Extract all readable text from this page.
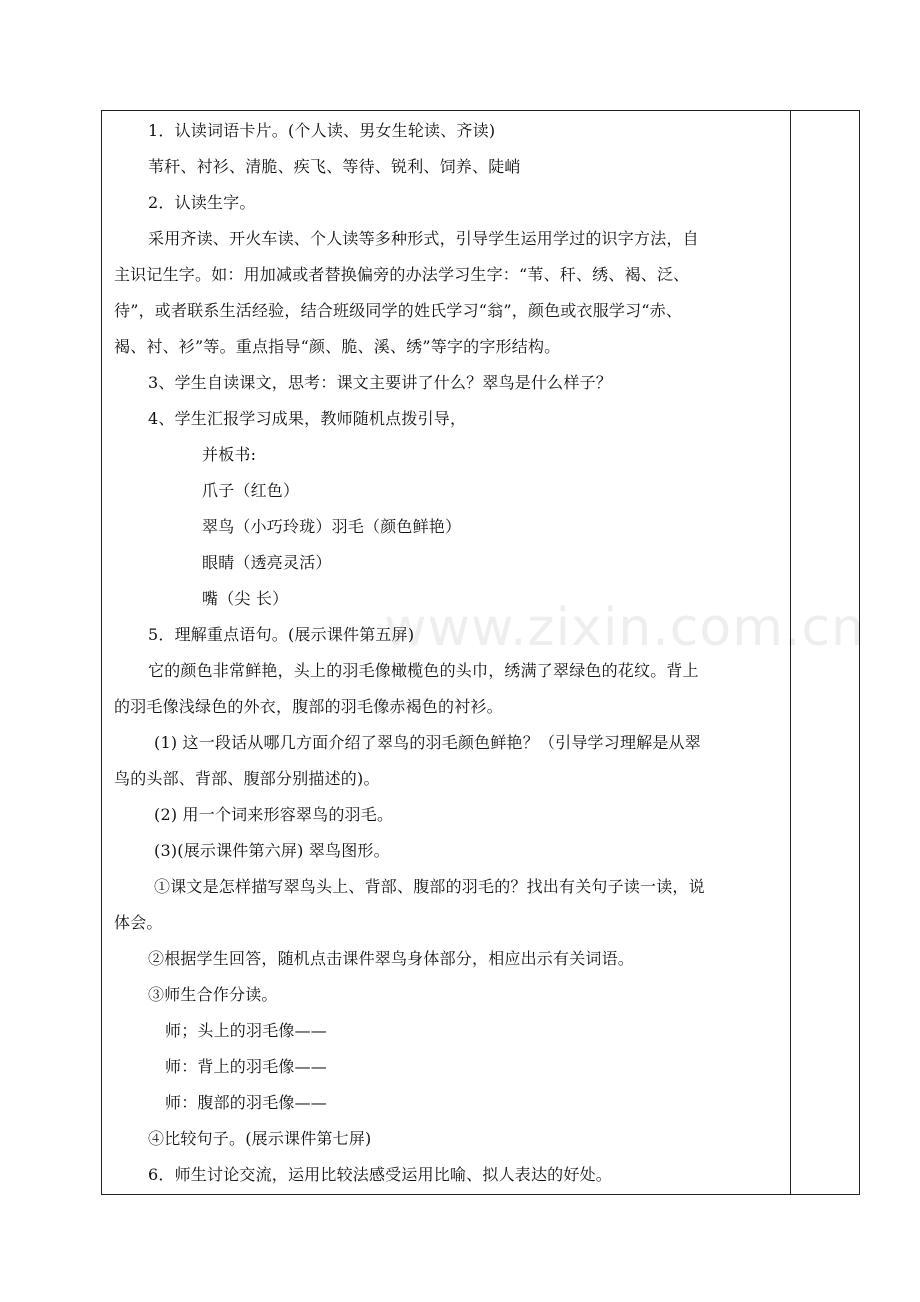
www.zixin.com.cn
1．认读词语卡片。(个人读、男女生轮读、齐读)
苇秆、衬衫、清脆、疾飞、等待、锐利、饲养、陡峭
2．认读生字。
采用齐读、开火车读、个人读等多种形式，引导学生运用学过的识字方法，自
主识记生字。如：用加减或者替换偏旁的办法学习生字：“苇、秆、绣、褐、泛、
待”，或者联系生活经验，结合班级同学的姓氏学习“翁”，颜色或衣服学习“赤、
褐、衬、衫”等。重点指导“颜、脆、溪、绣”等字的字形结构。
3、学生自读课文，思考：课文主要讲了什么？翠鸟是什么样子？
4、学生汇报学习成果，教师随机点拨引导，
并板书:
爪子（红色）
翠鸟（小巧玲珑）羽毛（颜色鲜艳）
眼睛（透亮灵活）
嘴（尖 长）
5．理解重点语句。(展示课件第五屏)
它的颜色非常鲜艳，头上的羽毛像橄榄色的头巾，绣满了翠绿色的花纹。背上
的羽毛像浅绿色的外衣，腹部的羽毛像赤褐色的衬衫。
(1) 这一段话从哪几方面介绍了翠鸟的羽毛颜色鲜艳？（引导学习理解是从翠
鸟的头部、背部、腹部分别描述的)。
(2) 用一个词来形容翠鸟的羽毛。
(3)(展示课件第六屏) 翠鸟图形。
①课文是怎样描写翠鸟头上、背部、腹部的羽毛的？找出有关句子读一读，说
体会。
②根据学生回答，随机点击课件翠鸟身体部分，相应出示有关词语。
③师生合作分读。
师；头上的羽毛像——
师：背上的羽毛像——
师：腹部的羽毛像——
④比较句子。(展示课件第七屏)
6．师生讨论交流，运用比较法感受运用比喻、拟人表达的好处。
